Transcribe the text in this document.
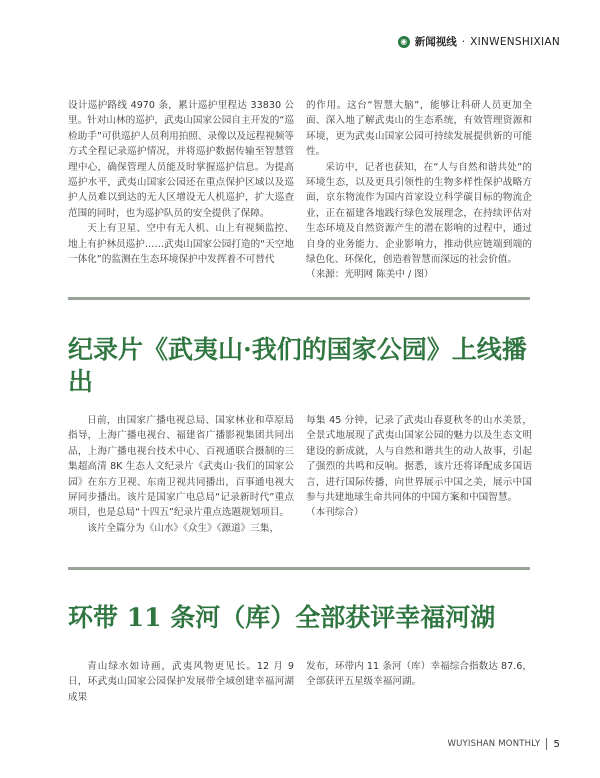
◉ 新闻视线 · XINWENSHIXIAN

设计巡护路线 4970 条，累计巡护里程达 33830 公里。针对山林的巡护，武夷山国家公园自主开发的“巡检助手”可供巡护人员利用拍照、录像以及远程视频等方式全程记录巡护情况，并将巡护数据传输至智慧管理中心，确保管理人员能及时掌握巡护信息。为提高巡护水平，武夷山国家公园还在重点保护区域以及巡护人员难以到达的无人区增设无人机巡护，扩大巡查范围的同时，也为巡护队员的安全提供了保障。

天上有卫星、空中有无人机、山上有视频监控、地上有护林员巡护……武夷山国家公园打造的“天空地一体化”的监测在生态环境保护中发挥着不可替代

的作用。这台“智慧大脑”，能够让科研人员更加全面、深入地了解武夷山的生态系统，有效管理资源和环境，更为武夷山国家公园可持续发展提供新的可能性。

采访中，记者也获知，在“人与自然和谐共处”的环境生态，以及更具引领性的生物多样性保护战略方面，京东物流作为国内首家设立科学碳目标的物流企业，正在福建各地践行绿色发展理念，在持续评估对生态环境及自然资源产生的潜在影响的过程中，通过自身的业务能力、企业影响力，推动供应链端到端的绿色化、环保化，创造着智慧而深远的社会价值。

（来源：光明网 陈美中 / 图）

纪录片《武夷山·我们的国家公园》上线播出

日前，由国家广播电视总局、国家林业和草原局指导，上海广播电视台、福建省广播影视集团共同出品，上海广播电视台技术中心、百视通联合摄制的三集超高清 8K 生态人文纪录片《武夷山·我们的国家公园》在东方卫视、东南卫视共同播出，百事通电视大屏同步播出。该片是国家广电总局“记录新时代”重点项目，也是总局“十四五”纪录片重点选题规划项目。

该片全篇分为《山水》《众生》《源道》三集，

每集 45 分钟，记录了武夷山春夏秋冬的山水美景，全景式地展现了武夷山国家公园的魅力以及生态文明建设的新成就，人与自然和谐共生的动人故事，引起了强烈的共鸣和反响。据悉，该片还将译配成多国语言，进行国际传播，向世界展示中国之美，展示中国参与共建地球生命共同体的中国方案和中国智慧。

（本刊综合）

环带 11 条河（库）全部获评幸福河湖

青山绿水如诗画，武夷风物更见长。12 月 9 日，环武夷山国家公园保护发展带全域创建幸福河湖成果

发布，环带内 11 条河（库）幸福综合指数达 87.6，全部获评五星级幸福河湖。

WUYISHAN MONTHLY 5
